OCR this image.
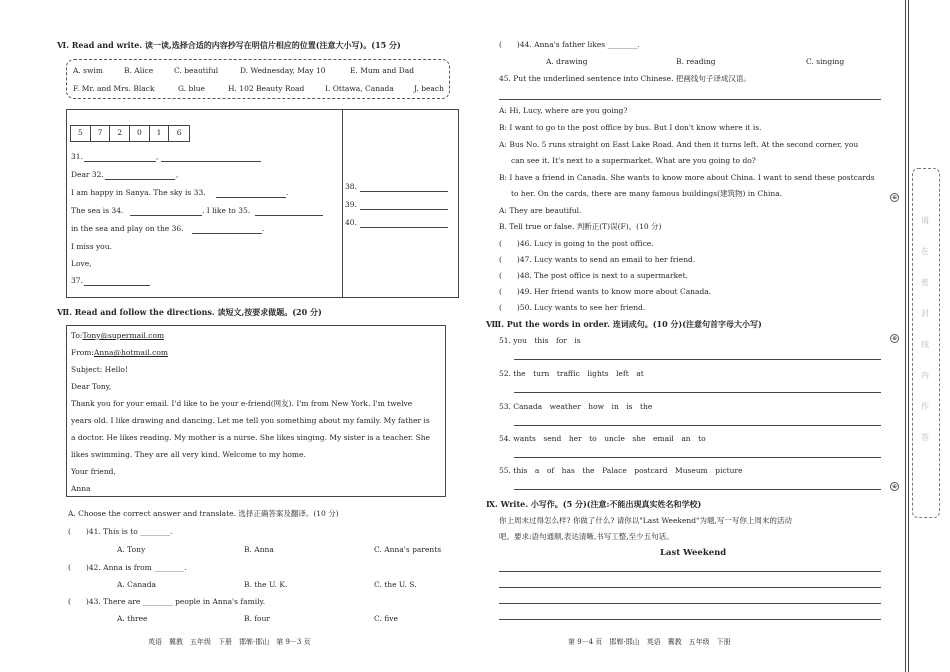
Ⅵ. Read and write. 读一读,选择合适的内容抄写在明信片相应的位置(注意大小写)。(15 分)
A. swim	B. Alice	C. beautiful	D. Wednesday, May 10	E. Mum and Dad
F. Mr. and Mrs. Black	G. blue	H. 102 Beauty Road	I. Ottawa, Canada	J. beach
5	7	2	0	1	6
31.	,
Dear 32.	,
I am happy in Sanya. The sky is 33.	.
The sea is 34.	. I like to 35.
in the sea and play on the 36.	.
I miss you.
Love,
37.
38.
39.
40.
Ⅶ. Read and follow the directions. 读短文,按要求做题。(20 分)
To:Tony@supermail.com
From:Anna@hotmail.com
Subject: Hello!
Dear Tony,
Thank you for your email. I'd like to be your e-friend(网友). I'm from New York. I'm twelve
years old. I like drawing and dancing. Let me tell you something about my family. My father is
a doctor. He likes reading. My mother is a nurse. She likes singing. My sister is a teacher. She
likes swimming. They are all very kind. Welcome to my home.
Your friend,
Anna
A. Choose the correct answer and translate. 选择正确答案及翻译。(10 分)
(　　)41. This is to ________.
A. Tony	B. Anna	C. Anna's parents
(　　)42. Anna is from ________.
A. Canada	B. the U. K.	C. the U. S.
(　　)43. There are ________ people in Anna's family.
A. three	B. four	C. five
英语　冀教　五年级　下册　邯郸·邯山　第 9－3 页
(　　)44. Anna's father likes ________.
A. drawing	B. reading	C. singing
45. Put the underlined sentence into Chinese. 把画线句子译成汉语。
A: Hi, Lucy, where are you going?
B: I want to go to the post office by bus. But I don't know where it is.
A: Bus No. 5 runs straight on East Lake Road. And then it turns left. At the second corner, you
can see it. It's next to a supermarket. What are you going to do?
B: I have a friend in Canada. She wants to know more about China. I want to send these postcards
to her. On the cards, there are many famous buildings(建筑物) in China.
A: They are beautiful.
B. Tell true or false. 判断正(T)误(F)。(10 分)
(　　)46. Lucy is going to the post office.
(　　)47. Lucy wants to send an email to her friend.
(　　)48. The post office is next to a supermarket.
(　　)49. Her friend wants to know more about Canada.
(　　)50. Lucy wants to see her friend.
Ⅷ. Put the words in order. 连词成句。(10 分)(注意句首字母大小写)
51. you　this　for　is
52. the　turn　traffic　lights　left　at
53. Canada　weather　how　in　is　the
54. wants　send　her　to　uncle　she　email　an　to
55. this　a　of　has　the　Palace　postcard　Museum　picture
Ⅸ. Write. 小写作。(5 分)(注意:不能出现真实姓名和学校)
你上周末过得怎么样? 你做了什么? 请你以"Last Weekend"为题,写一写你上周末的活动
吧。要求:语句通顺,表达清晰,书写工整,至少五句话。
Last Weekend
第 9－4 页　邯郸·邯山　英语　冀教　五年级　下册
⊕
⊕
⊕
请在密封线内作答
